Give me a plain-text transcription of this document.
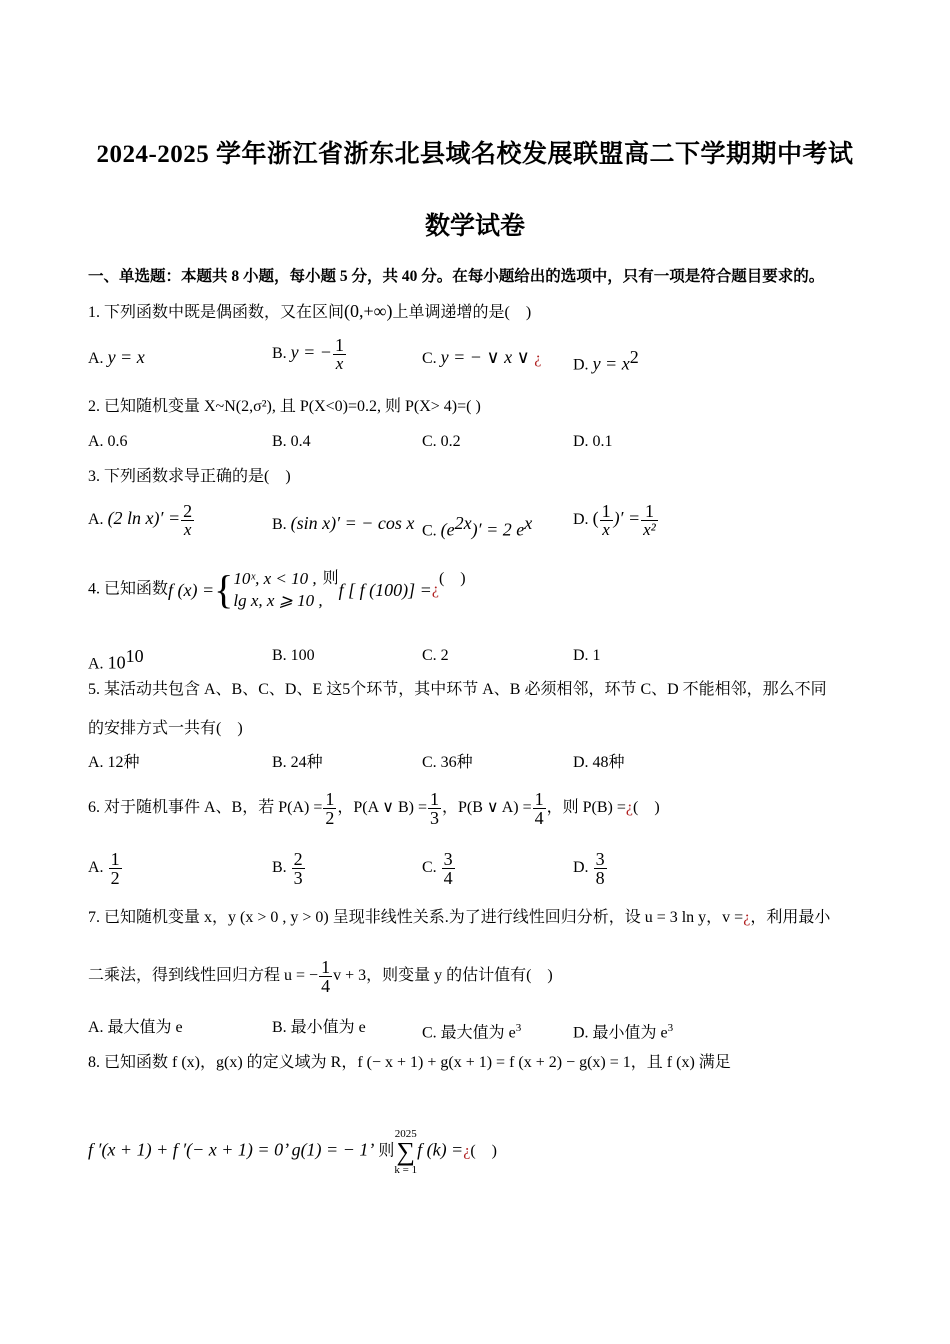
2024-2025 学年浙江省浙东北县域名校发展联盟高二下学期期中考试
数学试卷
一、单选题：本题共 8 小题，每小题 5 分，共 40 分。在每小题给出的选项中，只有一项是符合题目要求的。
1. 下列函数中既是偶函数，又在区间(0,+∞)上单调递增的是(　)
A. y = x	B. y = − $\frac{1}{x}$	C. y = − ∨ x ∨ ¿ D. $y = x^2$
2. 已知随机变量 X~N(2,σ²), 且 P(X<0)=0.2, 则 P(X> 4)=( )
A. 0.6	B. 0.4	C. 0.2	D. 0.1
3. 下列函数求导正确的是(　)
A. (2 $\ln x)' = \frac{2}{x}$	B. (sin x)′ = − cos x C. $(e^{2x})' = 2$ $e^x$	D. ( $\frac{1}{x}$ )′ = $\frac{1}{\text{x²}}$
4. 已知函数f (x) ={ 10ˣ, x < 10 ,
lg x, x ⩾ 10 ,
则f [ f (100)] =¿(　)
A. $10^{10}$	B. 100	C. 2	D. 1
5. 某活动共包含 A、B、C、D、E 这5个环节，其中环节 A、B 必须相邻，环节 C、D 不能相邻，那么不同
的安排方式一共有(　)
A. 12种	B. 24种	C. 36种	D. 48种
6. 对于随机事件 A、B，若 $P(A) = \frac{1}{2}$ ，P(A ∨ $B) = \frac{1}{3}$ ，P(B ∨ $A) = \frac{1}{4}$ ，则 P(B) =¿(　)
A. $\frac{1}{2}$	B. $\frac{2}{3}$	C. $\frac{3}{4}$	D. $\frac{3}{8}$
7. 已知随机变量 x，y (x > 0 , y > 0) 呈现非线性关系.为了进行线性回归分析，设 u = 3 ln y，v =¿，利用最小
二乘法，得到线性回归方程 u = − $\frac{1}{4}$ v + 3，则变量 y 的估计值有(　)
A. 最大值为 e	B. 最小值为 e	C. 最大值为 $e^3$	D. 最小值为 $e^3$
8. 已知函数 f (x)，g(x) 的定义域为 R，f (− x + 1) + g(x + 1) = f (x + 2) − g(x) = 1，且 f (x) 满足
f ′(x + 1) + f ′(− x + 1) = 0’ g(1) = − 1’ 则2025
∑
k = 1f (k) =¿(　)
